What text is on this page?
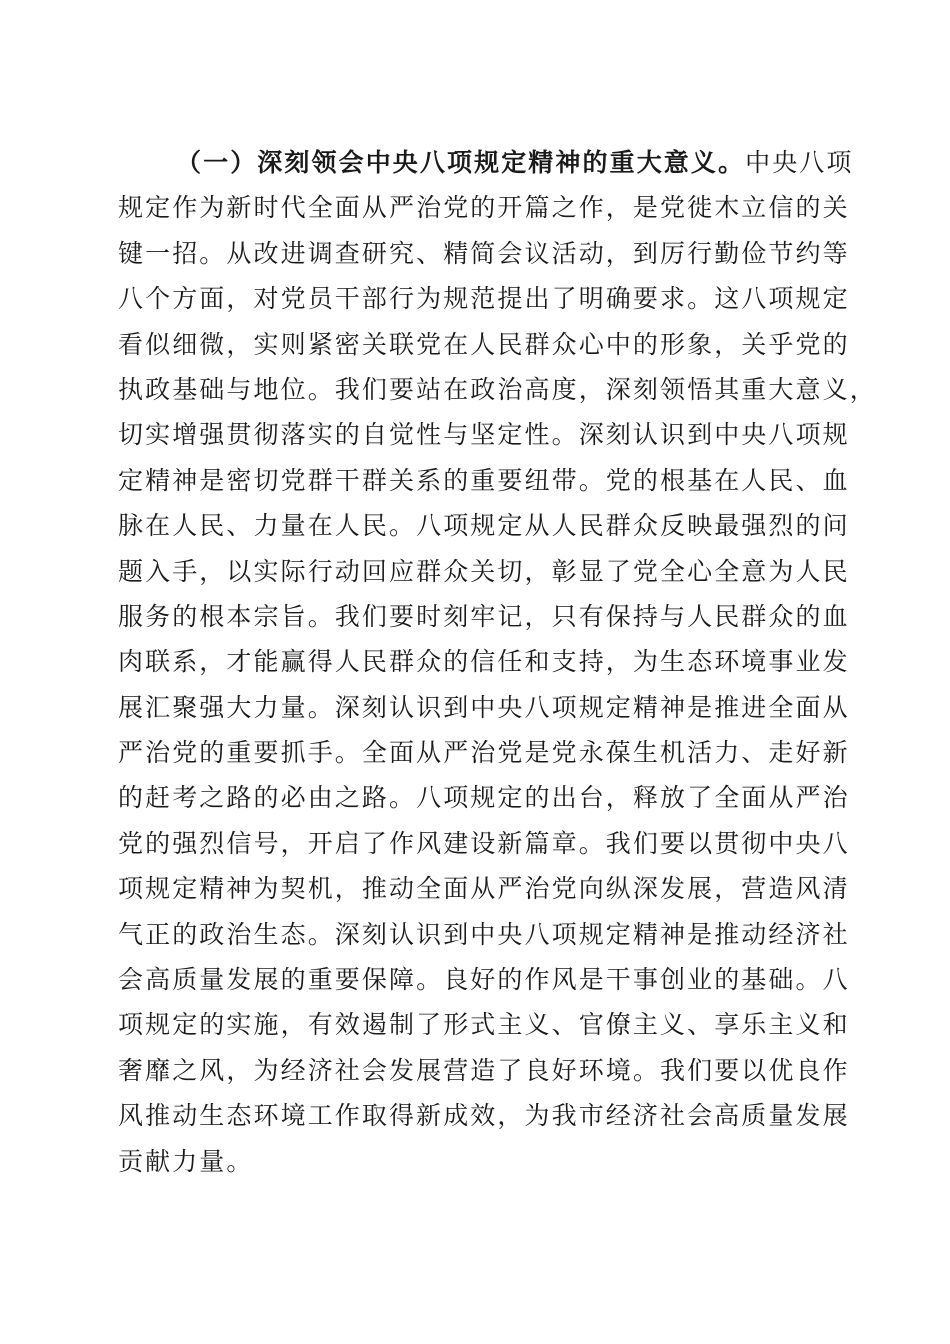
（一）深刻领会中央八项规定精神的重大意义。中央八项
规定作为新时代全面从严治党的开篇之作，是党徙木立信的关
键一招。从改进调查研究、精简会议活动，到厉行勤俭节约等
八个方面，对党员干部行为规范提出了明确要求。这八项规定
看似细微，实则紧密关联党在人民群众心中的形象，关乎党的
执政基础与地位。我们要站在政治高度，深刻领悟其重大意义，
切实增强贯彻落实的自觉性与坚定性。深刻认识到中央八项规
定精神是密切党群干群关系的重要纽带。党的根基在人民、血
脉在人民、力量在人民。八项规定从人民群众反映最强烈的问
题入手，以实际行动回应群众关切，彰显了党全心全意为人民
服务的根本宗旨。我们要时刻牢记，只有保持与人民群众的血
肉联系，才能赢得人民群众的信任和支持，为生态环境事业发
展汇聚强大力量。深刻认识到中央八项规定精神是推进全面从
严治党的重要抓手。全面从严治党是党永葆生机活力、走好新
的赶考之路的必由之路。八项规定的出台，释放了全面从严治
党的强烈信号，开启了作风建设新篇章。我们要以贯彻中央八
项规定精神为契机，推动全面从严治党向纵深发展，营造风清
气正的政治生态。深刻认识到中央八项规定精神是推动经济社
会高质量发展的重要保障。良好的作风是干事创业的基础。八
项规定的实施，有效遏制了形式主义、官僚主义、享乐主义和
奢靡之风，为经济社会发展营造了良好环境。我们要以优良作
风推动生态环境工作取得新成效，为我市经济社会高质量发展
贡献力量。
